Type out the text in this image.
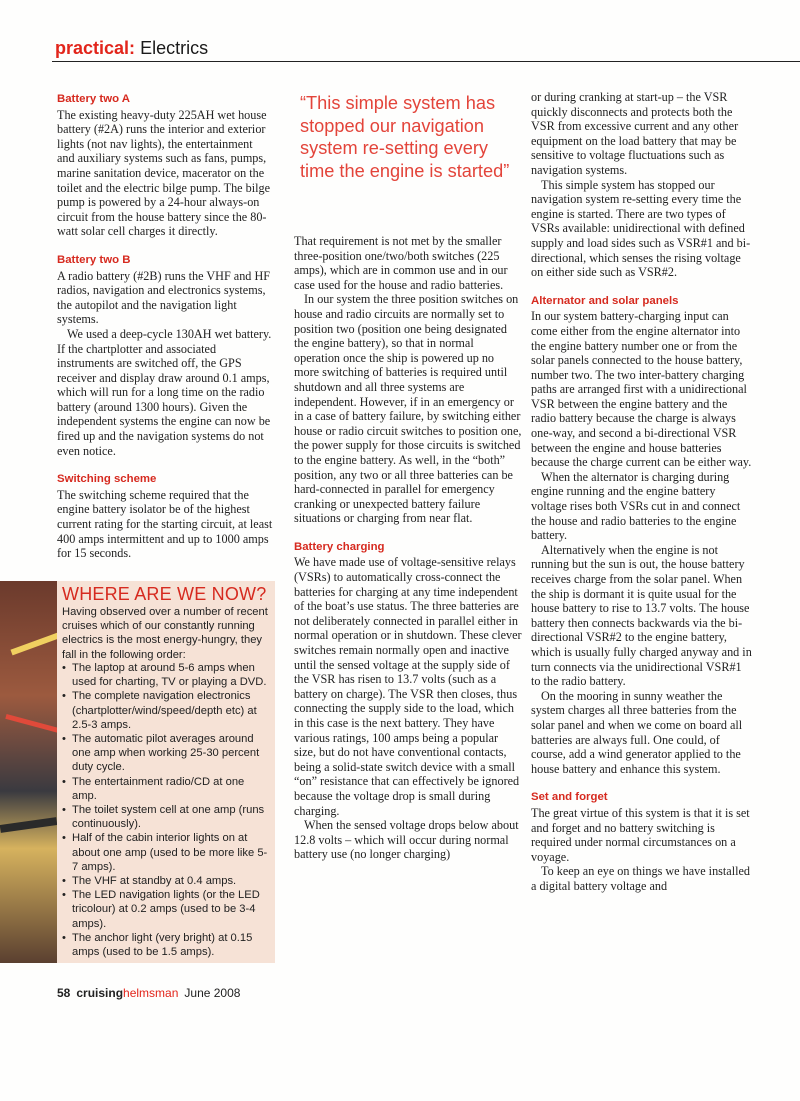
practical: Electrics
Battery two A

The existing heavy-duty 225AH wet house battery (#2A) runs the interior and exterior lights (not nav lights), the entertainment and auxiliary systems such as fans, pumps, marine sanitation device, macerator on the toilet and the electric bilge pump. The bilge pump is powered by a 24-hour always-on circuit from the house battery since the 80-watt solar cell charges it directly.

Battery two B

A radio battery (#2B) runs the VHF and HF radios, navigation and electronics systems, the autopilot and the navigation light systems.

We used a deep-cycle 130AH wet battery. If the chartplotter and associated instruments are switched off, the GPS receiver and display draw around 0.1 amps, which will run for a long time on the radio battery (around 1300 hours). Given the independent systems the engine can now be fired up and the navigation systems do not even notice.

Switching scheme

The switching scheme required that the engine battery isolator be of the highest current rating for the starting circuit, at least 400 amps intermittent and up to 1000 amps for 15 seconds.

“This simple system has stopped our navigation system re-setting every time the engine is started”

That requirement is not met by the smaller three-position one/two/both switches (225 amps), which are in common use and in our case used for the house and radio batteries.

In our system the three position switches on house and radio circuits are normally set to position two (position one being designated the engine battery), so that in normal operation once the ship is powered up no more switching of batteries is required until shutdown and all three systems are independent. However, if in an emergency or in a case of battery failure, by switching either house or radio circuit switches to position one, the power supply for those circuits is switched to the engine battery. As well, in the “both” position, any two or all three batteries can be hard-connected in parallel for emergency cranking or unexpected battery failure situations or charging from near flat.

Battery charging

We have made use of voltage-sensitive relays (VSRs) to automatically cross-connect the batteries for charging at any time independent of the boat’s use status. The three batteries are not deliberately connected in parallel either in normal operation or in shutdown. These clever switches remain normally open and inactive until the sensed voltage at the supply side of the VSR has risen to 13.7 volts (such as a battery on charge). The VSR then closes, thus connecting the supply side to the load, which in this case is the next battery. They have various ratings, 100 amps being a popular size, but do not have conventional contacts, being a solid-state switch device with a small “on” resistance that can effectively be ignored because the voltage drop is small during charging.

When the sensed voltage drops below about 12.8 volts – which will occur during normal battery use (no longer charging)

or during cranking at start-up – the VSR quickly disconnects and protects both the VSR from excessive current and any other equipment on the load battery that may be sensitive to voltage fluctuations such as navigation systems.

This simple system has stopped our navigation system re-setting every time the engine is started. There are two types of VSRs available: unidirectional with defined supply and load sides such as VSR#1 and bi-directional, which senses the rising voltage on either side such as VSR#2.

Alternator and solar panels

In our system battery-charging input can come either from the engine alternator into the engine battery number one or from the solar panels connected to the house battery, number two. The two inter-battery charging paths are arranged first with a unidirectional VSR between the engine battery and the radio battery because the charge is always one-way, and second a bi-directional VSR between the engine and house batteries because the charge current can be either way.

When the alternator is charging during engine running and the engine battery voltage rises both VSRs cut in and connect the house and radio batteries to the engine battery.

Alternatively when the engine is not running but the sun is out, the house battery receives charge from the solar panel. When the ship is dormant it is quite usual for the house battery to rise to 13.7 volts. The house battery then connects backwards via the bi-directional VSR#2 to the engine battery, which is usually fully charged anyway and in turn connects via the unidirectional VSR#1 to the radio battery.

On the mooring in sunny weather the system charges all three batteries from the solar panel and when we come on board all batteries are always full. One could, of course, add a wind generator applied to the house battery and enhance this system.

Set and forget

The great virtue of this system is that it is set and forget and no battery switching is required under normal circumstances on a voyage.

To keep an eye on things we have installed a digital battery voltage and

WHERE ARE WE NOW?
Having observed over a number of recent cruises which of our constantly running electrics is the most energy-hungry, they fall in the following order:
• The laptop at around 5-6 amps when used for charting, TV or playing a DVD.
• The complete navigation electronics (chartplotter/wind/speed/depth etc) at 2.5-3 amps.
• The automatic pilot averages around one amp when working 25-30 percent duty cycle.
• The entertainment radio/CD at one amp.
• The toilet system cell at one amp (runs continuously).
• Half of the cabin interior lights on at about one amp (used to be more like 5-7 amps).
• The VHF at standby at 0.4 amps.
• The LED navigation lights (or the LED tricolour) at 0.2 amps (used to be 3-4 amps).
• The anchor light (very bright) at 0.15 amps (used to be 1.5 amps).
58 cruisinghelmsman June 2008
